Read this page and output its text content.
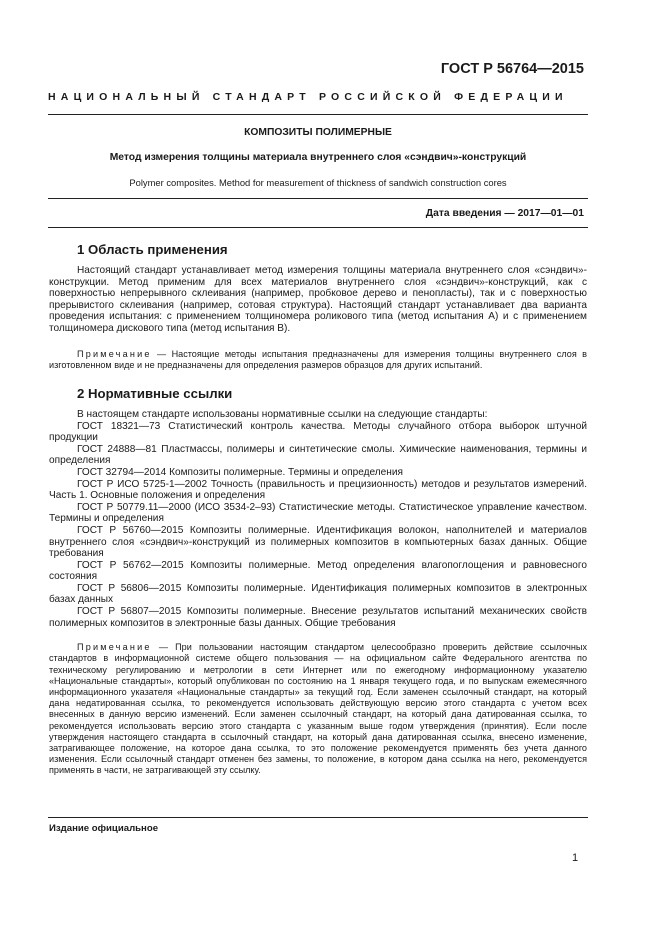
ГОСТ Р 56764—2015

НАЦИОНАЛЬНЫЙ СТАНДАРТ РОССИЙСКОЙ ФЕДЕРАЦИИ

КОМПОЗИТЫ ПОЛИМЕРНЫЕ

Метод измерения толщины материала внутреннего слоя «сэндвич»-конструкций

Polymer composites. Method for measurement of thickness of sandwich construction cores

Дата введения — 2017—01—01

1 Область применения

Настоящий стандарт устанавливает метод измерения толщины материала внутреннего слоя «сэндвич»-конструкции. Метод применим для всех материалов внутреннего слоя «сэндвич»-конструкций, как с поверхностью непрерывного склеивания (например, пробковое дерево и пенопласты), так и с поверхностью прерывистого склеивания (например, сотовая структура). Настоящий стандарт устанавливает два варианта проведения испытания: с применением толщиномера роликового типа (метод испытания А) и с применением толщиномера дискового типа (метод испытания В).

Примечание — Настоящие методы испытания предназначены для измерения толщины внутреннего слоя в изготовленном виде и не предназначены для определения размеров образцов для других испытаний.

2 Нормативные ссылки

В настоящем стандарте использованы нормативные ссылки на следующие стандарты:

ГОСТ 18321—73 Статистический контроль качества. Методы случайного отбора выборок штучной продукции

ГОСТ 24888—81 Пластмассы, полимеры и синтетические смолы. Химические наименования, термины и определения

ГОСТ 32794—2014 Композиты полимерные. Термины и определения

ГОСТ Р ИСО 5725-1—2002 Точность (правильность и прецизионность) методов и результатов измерений. Часть 1. Основные положения и определения

ГОСТ Р 50779.11—2000 (ИСО 3534-2–93) Статистические методы. Статистическое управление качеством. Термины и определения

ГОСТ Р 56760—2015 Композиты полимерные. Идентификация волокон, наполнителей и материалов внутреннего слоя «сэндвич»-конструкций из полимерных композитов в компьютерных базах данных. Общие требования

ГОСТ Р 56762—2015 Композиты полимерные. Метод определения влагопоглощения и равновесного состояния

ГОСТ Р 56806—2015 Композиты полимерные. Идентификация полимерных композитов в электронных базах данных

ГОСТ Р 56807—2015 Композиты полимерные. Внесение результатов испытаний механических свойств полимерных композитов в электронные базы данных. Общие требования

Примечание — При пользовании настоящим стандартом целесообразно проверить действие ссылочных стандартов в информационной системе общего пользования — на официальном сайте Федерального агентства по техническому регулированию и метрологии в сети Интернет или по ежегодному информационному указателю «Национальные стандарты», который опубликован по состоянию на 1 января текущего года, и по выпускам ежемесячного информационного указателя «Национальные стандарты» за текущий год. Если заменен ссылочный стандарт, на который дана недатированная ссылка, то рекомендуется использовать действующую версию этого стандарта с учетом всех внесенных в данную версию изменений. Если заменен ссылочный стандарт, на который дана датированная ссылка, то рекомендуется использовать версию этого стандарта с указанным выше годом утверждения (принятия). Если после утверждения настоящего стандарта в ссылочный стандарт, на который дана датированная ссылка, внесено изменение, затрагивающее положение, на которое дана ссылка, то это положение рекомендуется применять без учета данного изменения. Если ссылочный стандарт отменен без замены, то положение, в котором дана ссылка на него, рекомендуется применять в части, не затрагивающей эту ссылку.

Издание официальное

1
